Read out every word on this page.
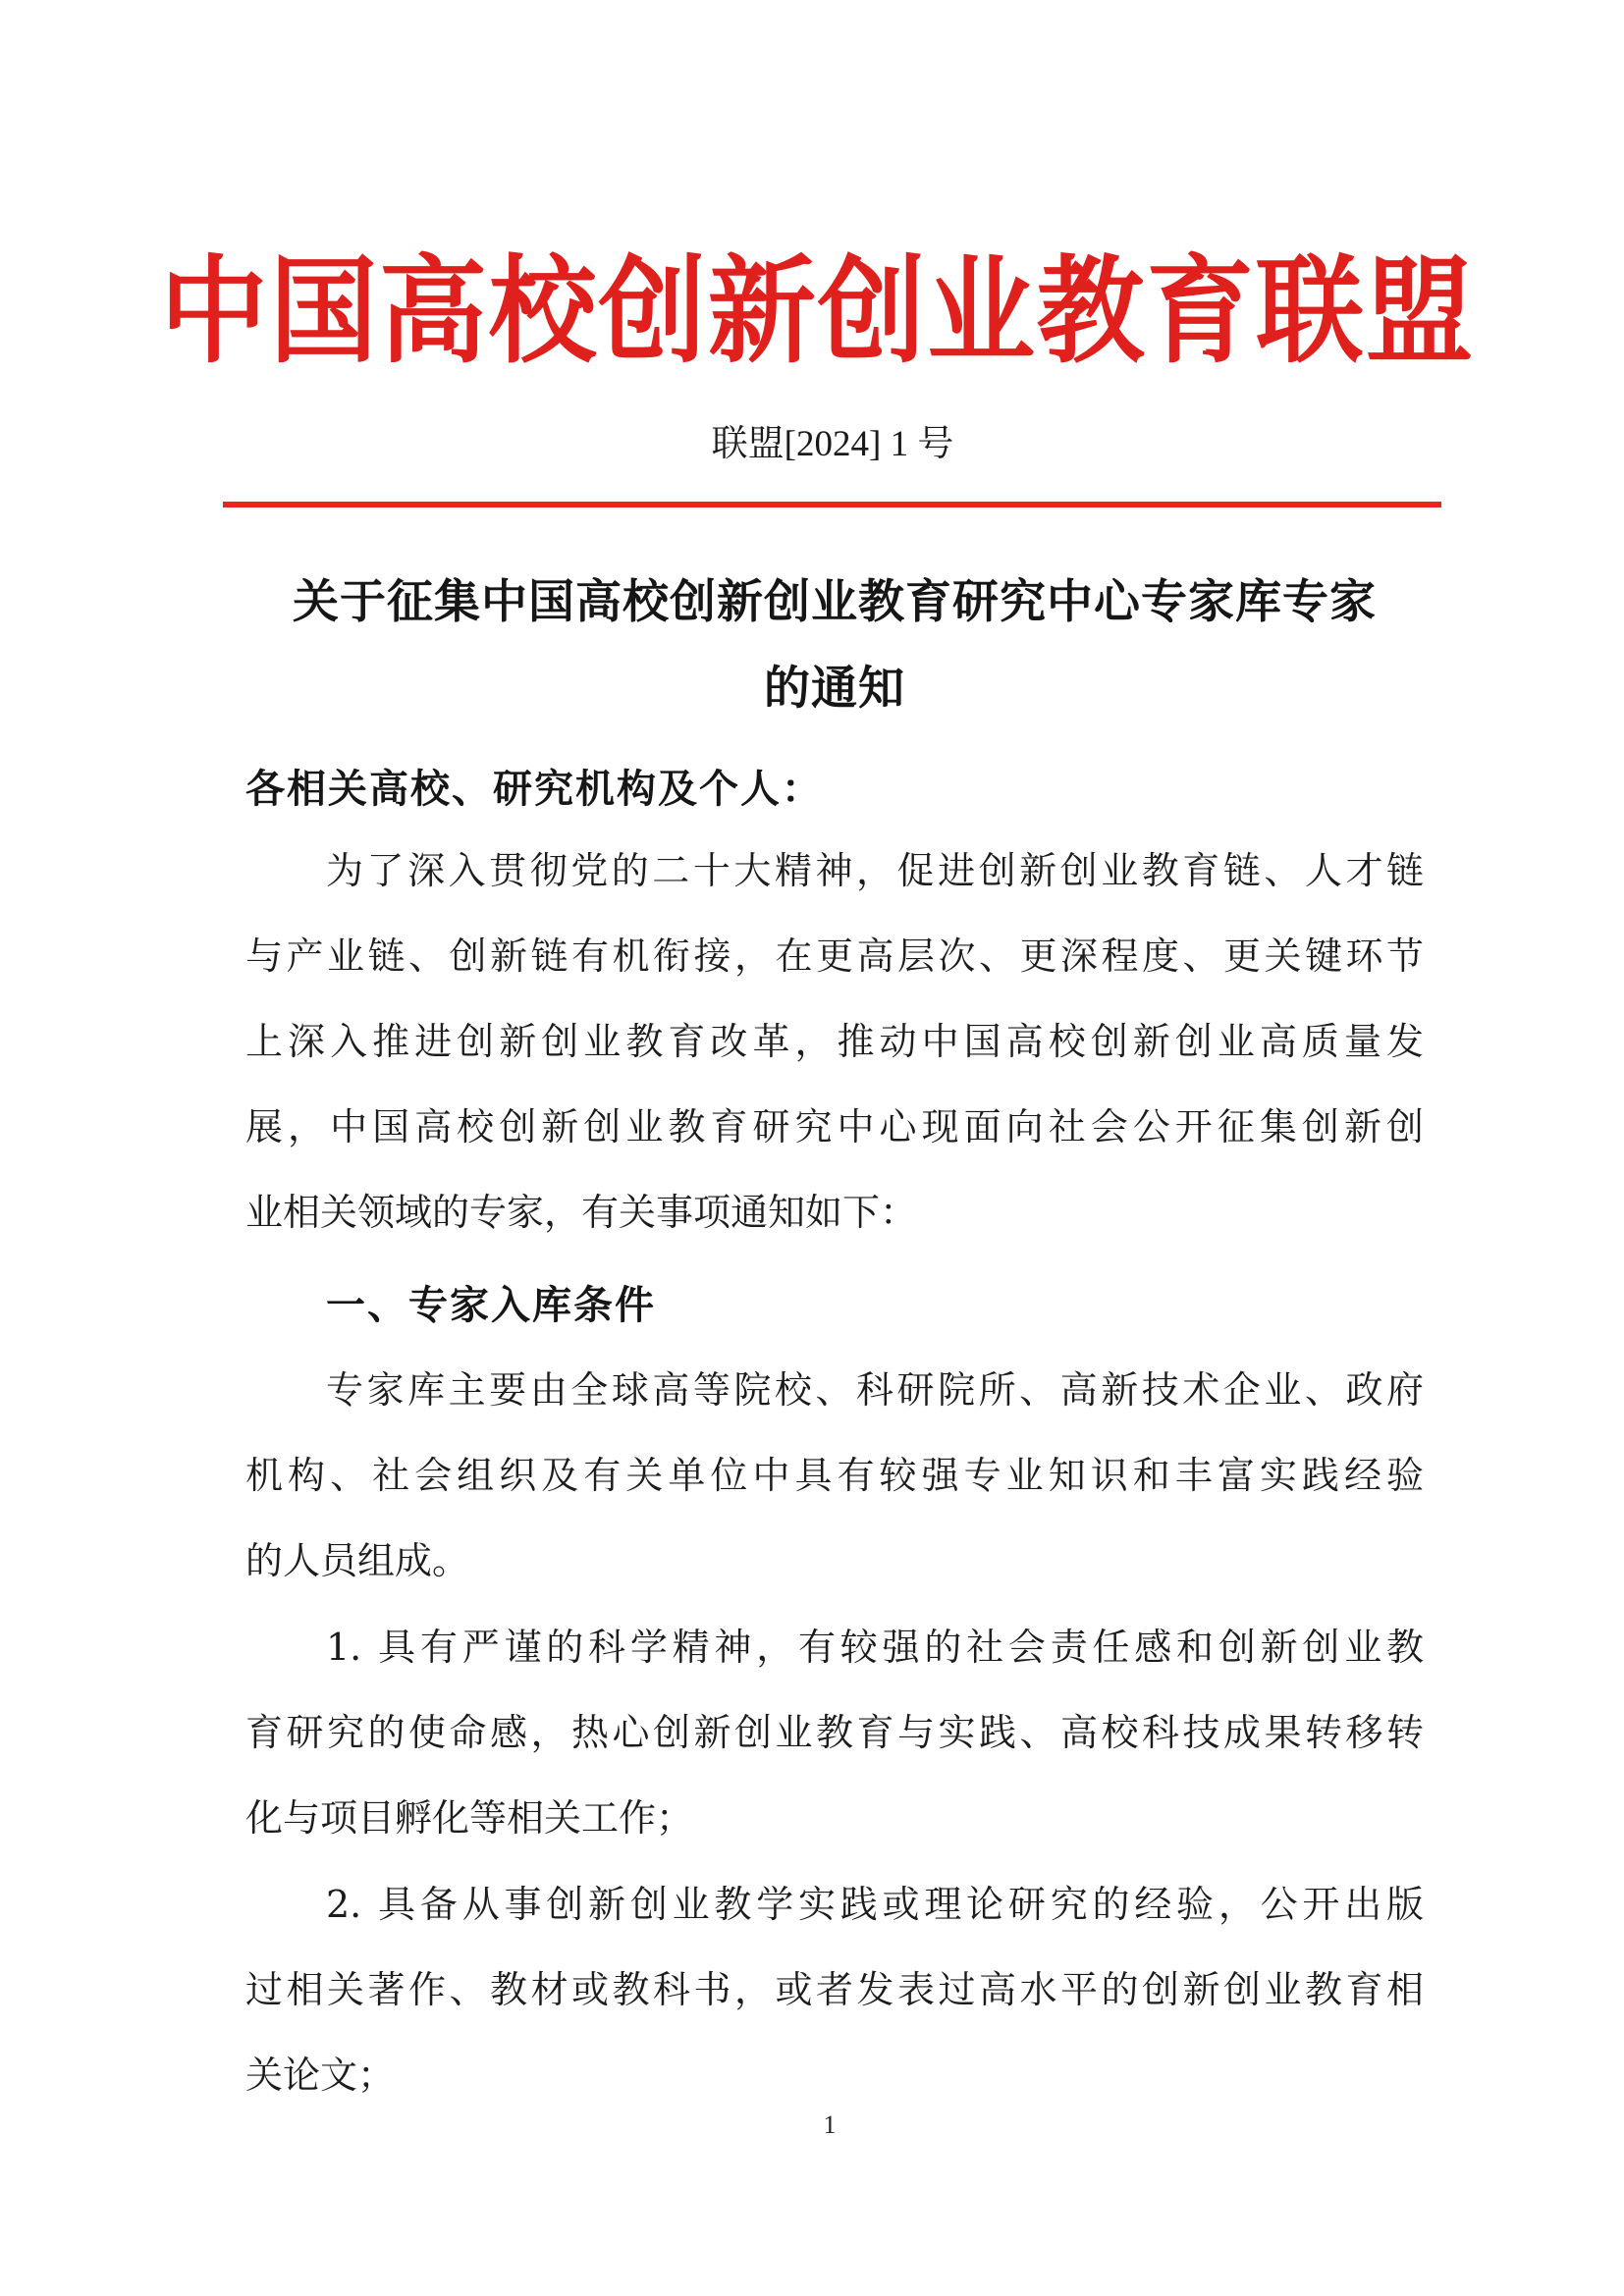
中国高校创新创业教育联盟
联盟[2024] 1 号
关于征集中国高校创新创业教育研究中心专家库专家
的通知
各相关高校、研究机构及个人：
为了深入贯彻党的二十大精神，促进创新创业教育链、人才链
与产业链、创新链有机衔接，在更高层次、更深程度、更关键环节
上深入推进创新创业教育改革，推动中国高校创新创业高质量发
展，中国高校创新创业教育研究中心现面向社会公开征集创新创
业相关领域的专家，有关事项通知如下：
一、专家入库条件
专家库主要由全球高等院校、科研院所、高新技术企业、政府
机构、社会组织及有关单位中具有较强专业知识和丰富实践经验
的人员组成。
1. 具有严谨的科学精神，有较强的社会责任感和创新创业教
育研究的使命感，热心创新创业教育与实践、高校科技成果转移转
化与项目孵化等相关工作；
2. 具备从事创新创业教学实践或理论研究的经验，公开出版
过相关著作、教材或教科书，或者发表过高水平的创新创业教育相
关论文；
1
